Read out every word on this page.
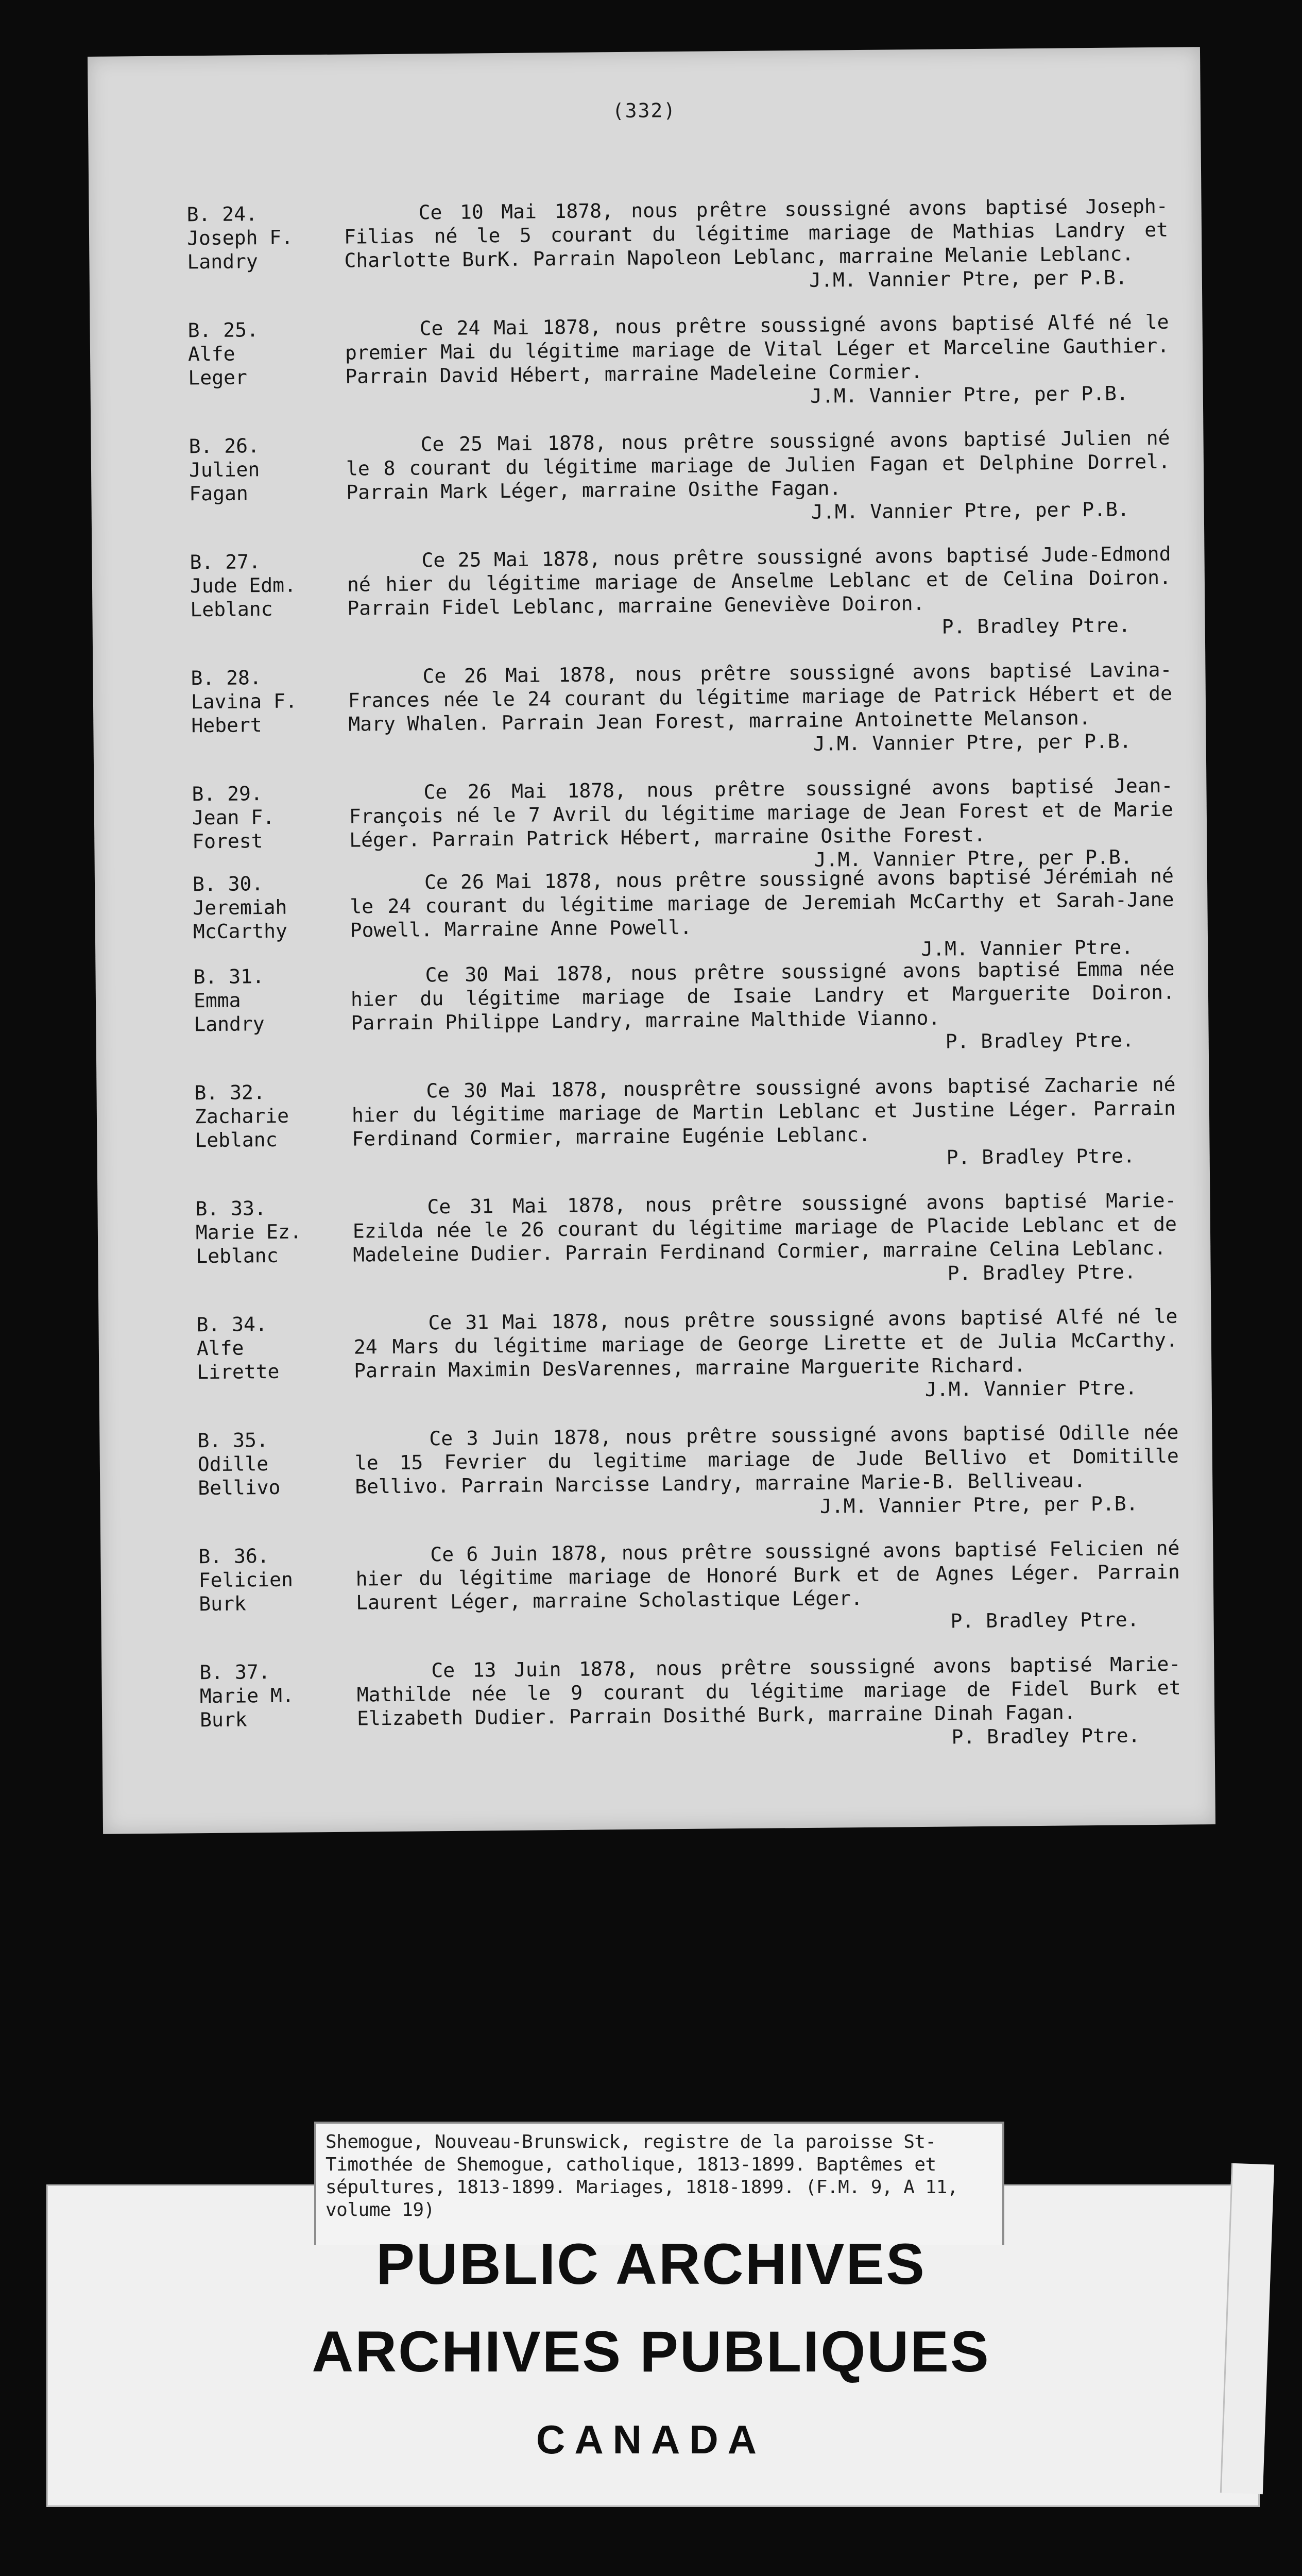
(332)
B. 24.
Joseph F.
Landry
Ce 10 Mai 1878, nous prêtre soussigné avons baptisé Joseph-Filias né le 5 courant du légitime mariage de Mathias Landry et Charlotte BurK. Parrain Napoleon Leblanc, marraine Melanie Leblanc.
J.M. Vannier Ptre, per P.B.
B. 25.
Alfe
Leger
Ce 24 Mai 1878, nous prêtre soussigné avons baptisé Alfé né le premier Mai du légitime mariage de Vital Léger et Marceline Gauthier. Parrain David Hébert, marraine Madeleine Cormier.
J.M. Vannier Ptre, per P.B.
B. 26.
Julien
Fagan
Ce 25 Mai 1878, nous prêtre soussigné avons baptisé Julien né le 8 courant du légitime mariage de Julien Fagan et Delphine Dorrel. Parrain Mark Léger, marraine Osithe Fagan.
J.M. Vannier Ptre, per P.B.
B. 27.
Jude Edm.
Leblanc
Ce 25 Mai 1878, nous prêtre soussigné avons baptisé Jude-Edmond né hier du légitime mariage de Anselme Leblanc et de Celina Doiron. Parrain Fidel Leblanc, marraine Geneviève Doiron.
P. Bradley Ptre.
B. 28.
Lavina F.
Hebert
Ce 26 Mai 1878, nous prêtre soussigné avons baptisé Lavina-Frances née le 24 courant du légitime mariage de Patrick Hébert et de Mary Whalen. Parrain Jean Forest, marraine Antoinette Melanson.
J.M. Vannier Ptre, per P.B.
B. 29.
Jean F.
Forest
Ce 26 Mai 1878, nous prêtre soussigné avons baptisé Jean-François né le 7 Avril du légitime mariage de Jean Forest et de Marie Léger. Parrain Patrick Hébert, marraine Osithe Forest.
J.M. Vannier Ptre, per P.B.
B. 30.
Jeremiah
McCarthy
Ce 26 Mai 1878, nous prêtre soussigné avons baptisé Jérémiah né le 24 courant du légitime mariage de Jeremiah McCarthy et Sarah-Jane Powell. Marraine Anne Powell.
J.M. Vannier Ptre.
B. 31.
Emma
Landry
Ce 30 Mai 1878, nous prêtre soussigné avons baptisé Emma née hier du légitime mariage de Isaie Landry et Marguerite Doiron. Parrain Philippe Landry, marraine Malthide Vianno.
P. Bradley Ptre.
B. 32.
Zacharie
Leblanc
Ce 30 Mai 1878, nousprêtre soussigné avons baptisé Zacharie né hier du légitime mariage de Martin Leblanc et Justine Léger. Parrain Ferdinand Cormier, marraine Eugénie Leblanc.
P. Bradley Ptre.
B. 33.
Marie Ez.
Leblanc
Ce 31 Mai 1878, nous prêtre soussigné avons baptisé Marie-Ezilda née le 26 courant du légitime mariage de Placide Leblanc et de Madeleine Dudier. Parrain Ferdinand Cormier, marraine Celina Leblanc.
P. Bradley Ptre.
B. 34.
Alfe
Lirette
Ce 31 Mai 1878, nous prêtre soussigné avons baptisé Alfé né le 24 Mars du légitime mariage de George Lirette et de Julia McCarthy. Parrain Maximin DesVarennes, marraine Marguerite Richard.
J.M. Vannier Ptre.
B. 35.
Odille
Bellivo
Ce 3 Juin 1878, nous prêtre soussigné avons baptisé Odille née le 15 Fevrier du legitime mariage de Jude Bellivo et Domitille Bellivo. Parrain Narcisse Landry, marraine Marie-B. Belliveau.
J.M. Vannier Ptre, per P.B.
B. 36.
Felicien
Burk
Ce 6 Juin 1878, nous prêtre soussigné avons baptisé Felicien né hier du légitime mariage de Honoré Burk et de Agnes Léger. Parrain Laurent Léger, marraine Scholastique Léger.
P. Bradley Ptre.
B. 37.
Marie M.
Burk
Ce 13 Juin 1878, nous prêtre soussigné avons baptisé Marie-Mathilde née le 9 courant du légitime mariage de Fidel Burk et Elizabeth Dudier. Parrain Dosithé Burk, marraine Dinah Fagan.
P. Bradley Ptre.
Shemogue, Nouveau-Brunswick, registre de la paroisse St-Timothée de Shemogue, catholique, 1813-1899. Baptêmes et sépultures, 1813-1899. Mariages, 1818-1899. (F.M. 9, A 11, volume 19)
PUBLIC ARCHIVES
ARCHIVES PUBLIQUES
CANADA
